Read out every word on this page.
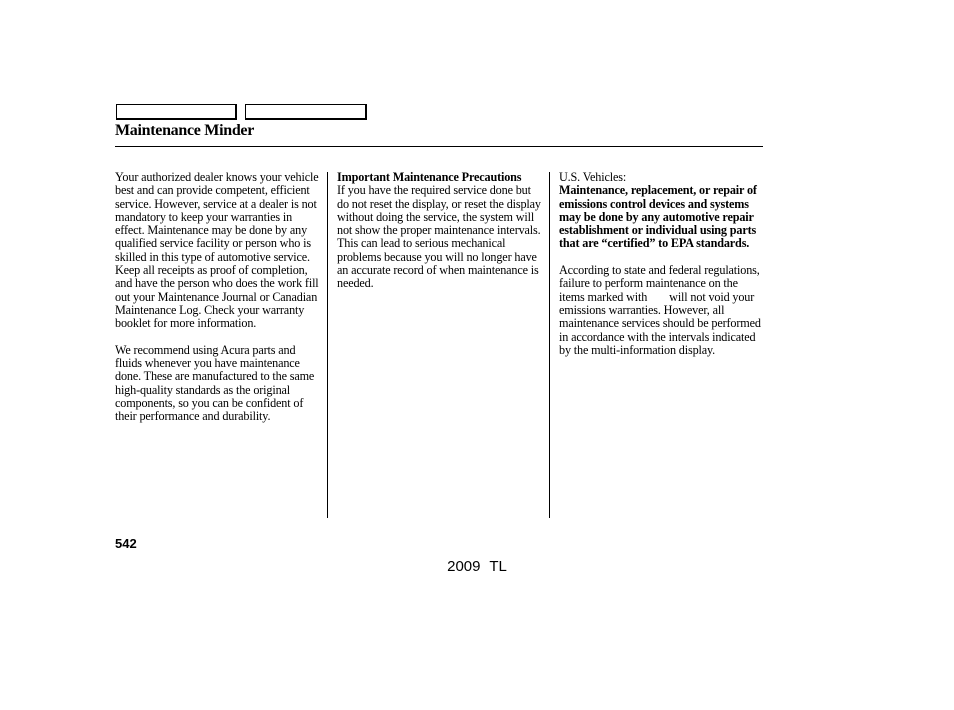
Maintenance Minder

Your authorized dealer knows your vehicle best and can provide competent, efficient service. However, service at a dealer is not mandatory to keep your warranties in effect. Maintenance may be done by any qualified service facility or person who is skilled in this type of automotive service. Keep all receipts as proof of completion, and have the person who does the work fill out your Maintenance Journal or Canadian Maintenance Log. Check your warranty booklet for more information.

We recommend using Acura parts and fluids whenever you have maintenance done. These are manufactured to the same high-quality standards as the original components, so you can be confident of their performance and durability.

Important Maintenance Precautions
If you have the required service done but do not reset the display, or reset the display without doing the service, the system will not show the proper maintenance intervals. This can lead to serious mechanical problems because you will no longer have an accurate record of when maintenance is needed.

U.S. Vehicles:
Maintenance, replacement, or repair of emissions control devices and systems may be done by any automotive repair establishment or individual using parts that are “certified” to EPA standards.

According to state and federal regulations, failure to perform maintenance on the items marked with will not void your emissions warranties. However, all maintenance services should be performed in accordance with the intervals indicated by the multi-information display.

542
2009 TL
